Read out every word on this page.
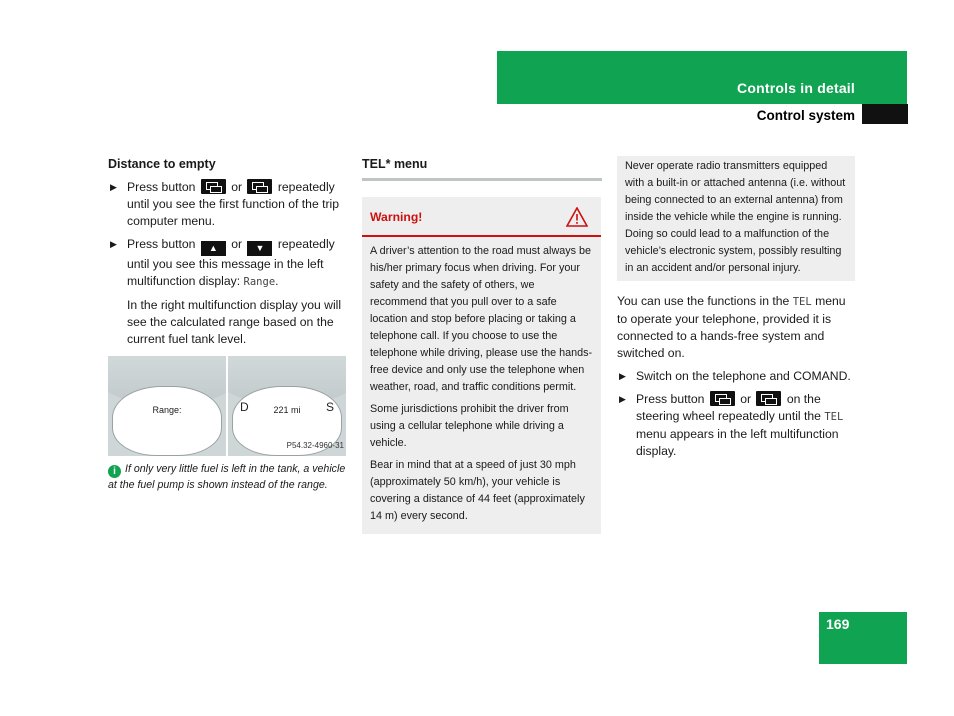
Controls in detail
Control system
Distance to empty
▶ Press button	or	repeatedly until you see the first function of the trip computer menu.
▶ Press button ▲ or ▼ repeatedly until you see this message in the left multifunction display: Range.
In the right multifunction display you will see the calculated range based on the current fuel tank level.
Range:	D	221 mi	S
P54.32-4960-31
i If only very little fuel is left in the tank, a vehicle at the fuel pump is shown instead of the range.
TEL* menu
Warning!

A driver’s attention to the road must always be his/her primary focus when driving. For your safety and the safety of others, we recommend that you pull over to a safe location and stop before placing or taking a telephone call. If you choose to use the telephone while driving, please use the hands-free device and only use the telephone when weather, road, and traffic conditions permit.

Some jurisdictions prohibit the driver from using a cellular telephone while driving a vehicle.

Bear in mind that at a speed of just 30 mph (approximately 50 km/h), your vehicle is covering a distance of 44 feet (approximately 14 m) every second.

Never operate radio transmitters equipped with a built-in or attached antenna (i.e. without being connected to an external antenna) from inside the vehicle while the engine is running. Doing so could lead to a malfunction of the vehicle’s electronic system, possibly resulting in an accident and/or personal injury.
You can use the functions in the TEL menu to operate your telephone, provided it is connected to a hands-free system and switched on.
▶ Switch on the telephone and COMAND.
▶ Press button	or	on the steering wheel repeatedly until the TEL menu appears in the left multifunction display.
169
